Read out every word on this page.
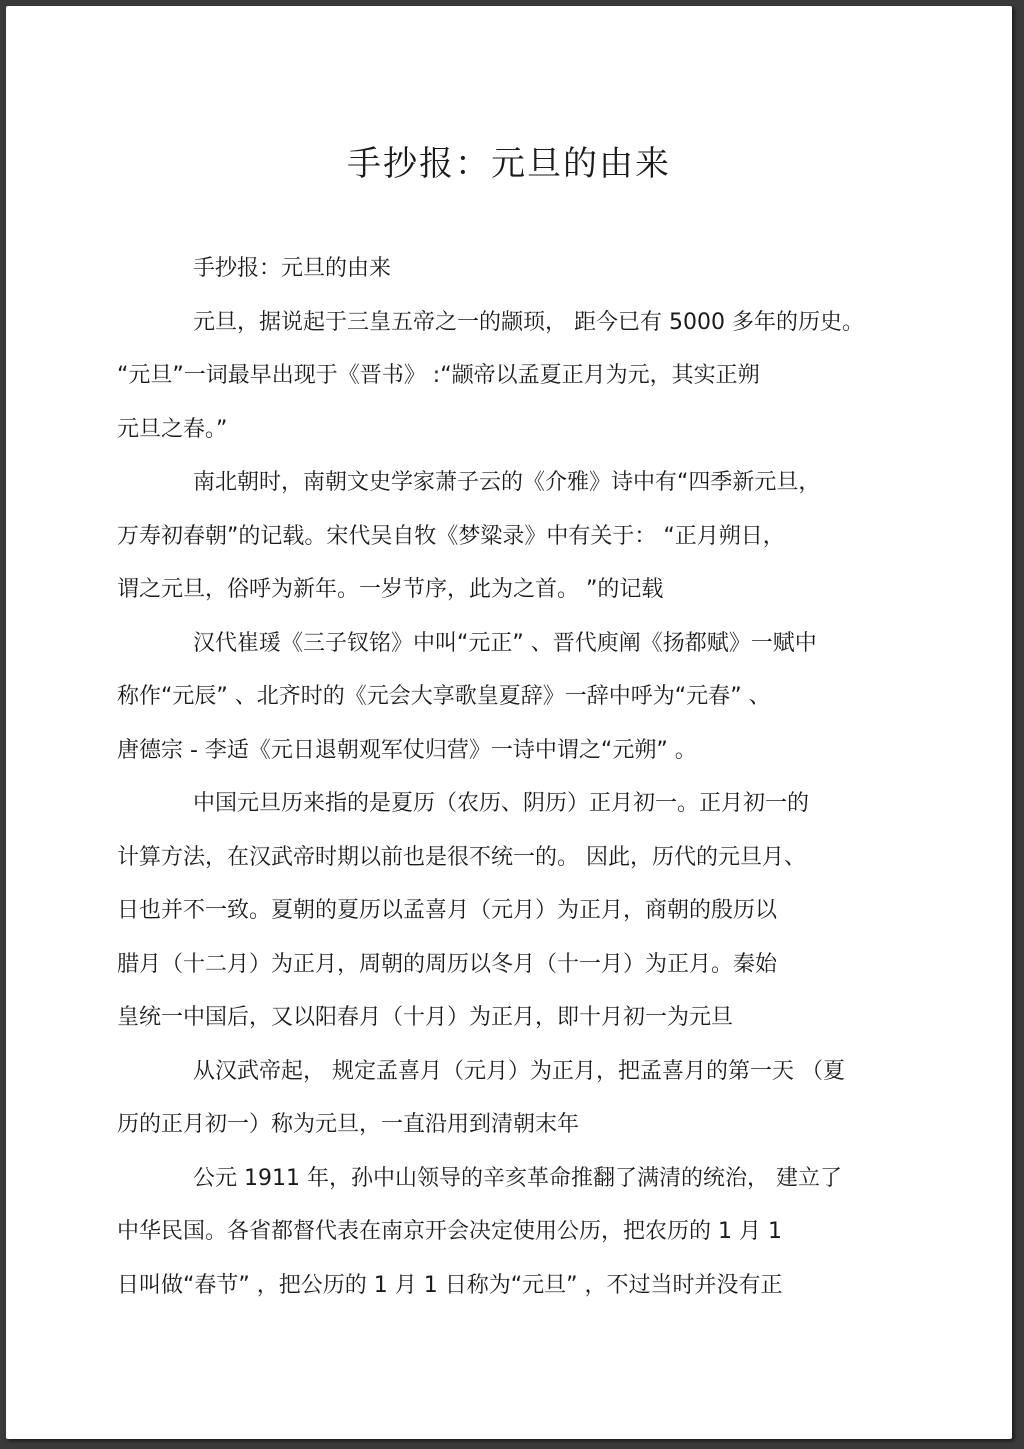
手抄报：元旦的由来

手抄报：元旦的由来

元旦，据说起于三皇五帝之一的颛顼， 距今已有 5000 多年的历史。
“元旦”一词最早出现于《晋书》 :“颛帝以孟夏正月为元，其实正朔
元旦之春。”

南北朝时，南朝文史学家萧子云的《介雅》诗中有“四季新元旦，
万寿初春朝”的记载。宋代吴自牧《梦粱录》中有关于： “正月朔日，
谓之元旦，俗呼为新年。一岁节序，此为之首。 ”的记载

汉代崔瑗《三子钗铭》中叫“元正” 、晋代庾阐《扬都赋》一赋中
称作“元辰” 、北齐时的《元会大享歌皇夏辞》一辞中呼为“元春” 、
唐德宗 - 李适《元日退朝观军仗归营》一诗中谓之“元朔” 。

中国元旦历来指的是夏历（农历、阴历）正月初一。正月初一的
计算方法，在汉武帝时期以前也是很不统一的。 因此，历代的元旦月、
日也并不一致。夏朝的夏历以孟喜月（元月）为正月，商朝的殷历以
腊月（十二月）为正月，周朝的周历以冬月（十一月）为正月。秦始
皇统一中国后，又以阳春月（十月）为正月，即十月初一为元旦

从汉武帝起， 规定孟喜月（元月）为正月，把孟喜月的第一天 （夏
历的正月初一）称为元旦，一直沿用到清朝末年

公元 1911 年，孙中山领导的辛亥革命推翻了满清的统治， 建立了
中华民国。各省都督代表在南京开会决定使用公历，把农历的 1 月 1
日叫做“春节” ，把公历的 1 月 1 日称为“元旦” ，不过当时并没有正
